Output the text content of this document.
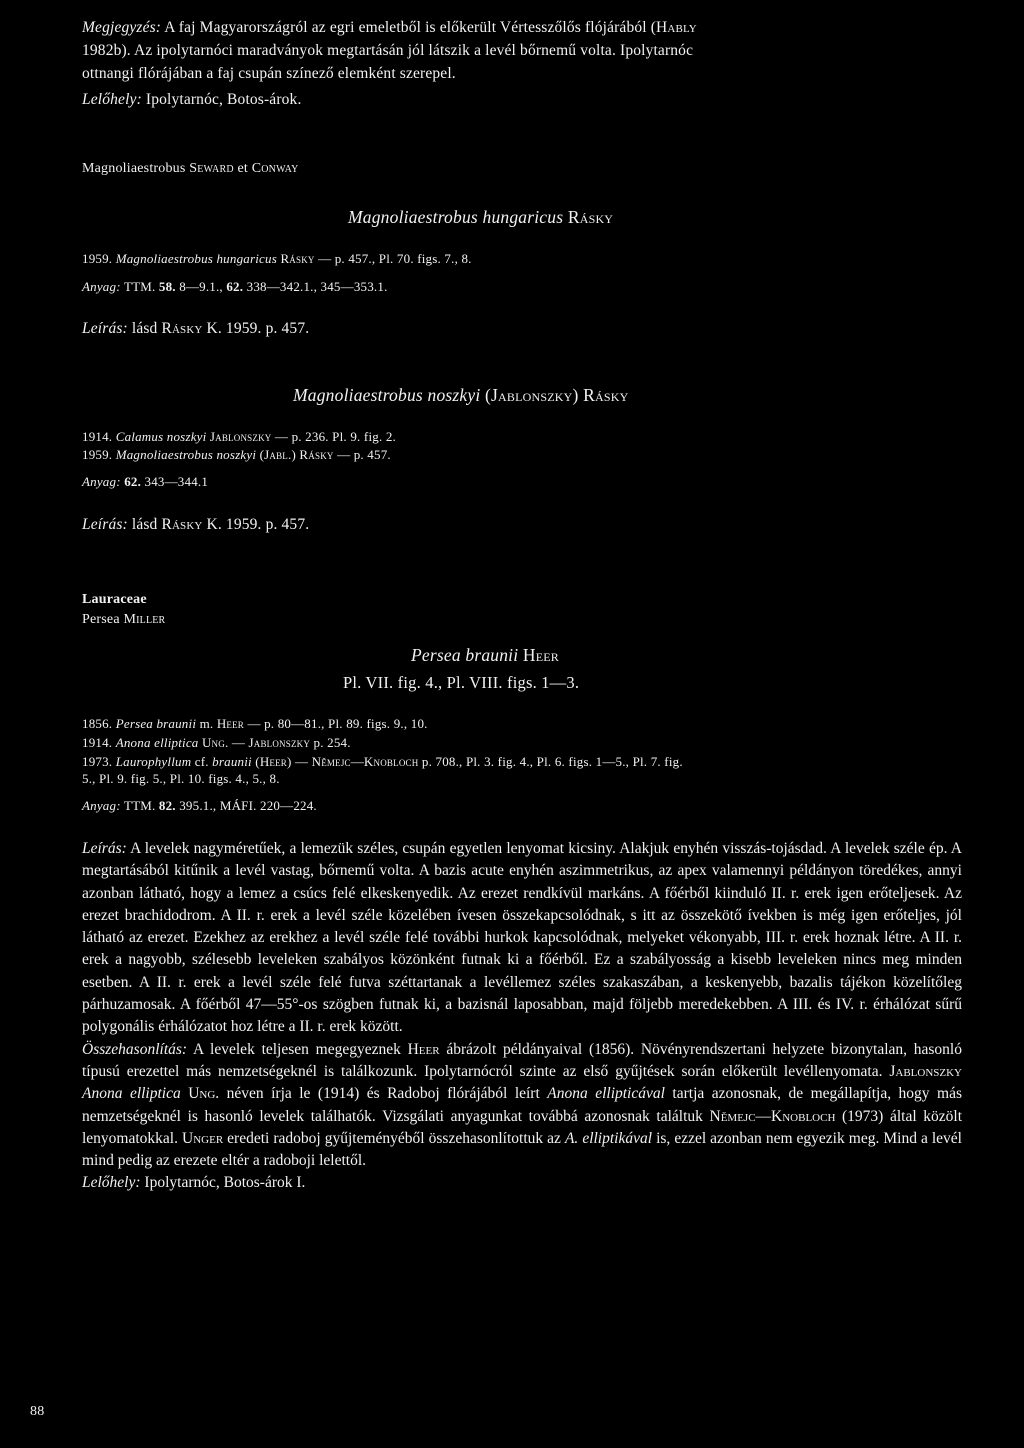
Megjegyzés: A faj Magyarországról az egri emeletből is előkerült Vértesszőlős flójárából (Hably
1982b). Az ipolytarnóci maradványok megtartásán jól látszik a levél bőrnemű volta. Ipolytarnóc
ottnangi flórájában a faj csupán színező elemként szerepel.
Lelőhely: Ipolytarnóc, Botos-árok.
Magnoliaestrobus Seward et Conway
Magnoliaestrobus hungaricus Rásky
1959. Magnoliaestrobus hungaricus Rásky — p. 457., Pl. 70. figs. 7., 8.
Anyag: TTM. 58. 8—9.1., 62. 338—342.1., 345—353.1.
Leírás: lásd Rásky K. 1959. p. 457.
Magnoliaestrobus noszkyi (Jablonszky) Rásky
1914. Calamus noszkyi Jablonszky — p. 236. Pl. 9. fig. 2.
1959. Magnoliaestrobus noszkyi (Jabl.) Rásky — p. 457.
Anyag: 62. 343—344.1
Leírás: lásd Rásky K. 1959. p. 457.
Lauraceae
Persea Miller
Persea braunii Heer
Pl. VII. fig. 4., Pl. VIII. figs. 1—3.
1856. Persea braunii m. Heer — p. 80—81., Pl. 89. figs. 9., 10.
1914. Anona elliptica Ung. — Jablonszky p. 254.
1973. Laurophyllum cf. braunii (Heer) — Němejc—Knobloch p. 708., Pl. 3. fig. 4., Pl. 6. figs. 1—5., Pl. 7. fig.
5., Pl. 9. fig. 5., Pl. 10. figs. 4., 5., 8.
Anyag: TTM. 82. 395.1., MÁFI. 220—224.

Leírás: A levelek nagyméretűek, a lemezük széles, csupán egyetlen lenyomat kicsiny. Alakjuk enyhén visszás-tojásdad. A levelek széle ép. A megtartásából kitűnik a levél vastag, bőrnemű volta. A bazis acute enyhén aszimmetrikus, az apex valamennyi példányon töredékes, annyi azonban látható, hogy a lemez a csúcs felé elkeskenyedik. Az erezet rendkívül markáns. A főérből kiinduló II. r. erek igen erőteljesek. Az erezet brachidodrom. A II. r. erek a levél széle közelében ívesen összekapcsolódnak, s itt az összekötő ívekben is még igen erőteljes, jól látható az erezet. Ezekhez az erekhez a levél széle felé további hurkok kapcsolódnak, melyeket vékonyabb, III. r. erek hoznak létre. A II. r. erek a nagyobb, szélesebb leveleken szabályos közönként futnak ki a főérből. Ez a szabályosság a kisebb leveleken nincs meg minden esetben. A II. r. erek a levél széle felé futva széttartanak a levéllemez széles szakaszában, a keskenyebb, bazalis tájékon közelítőleg párhuzamosak. A főérből 47—55°-os szögben futnak ki, a bazisnál laposabban, majd följebb meredekebben. A III. és IV. r. érhálózat sűrű polygonális érhálózatot hoz létre a II. r. erek között.

Összehasonlítás: A levelek teljesen megegyeznek Heer ábrázolt példányaival (1856). Növényrendszertani helyzete bizonytalan, hasonló típusú erezettel más nemzetségeknél is találkozunk. Ipolytarnócról szinte az első gyűjtések során előkerült levéllenyomata. Jablonszky Anona elliptica Ung. néven írja le (1914) és Radoboj flórájából leírt Anona ellipticával tartja azonosnak, de megállapítja, hogy más nemzetségeknél is hasonló levelek találhatók. Vizsgálati anyagunkat továbbá azonosnak találtuk Němejc—Knobloch (1973) által közölt lenyomatokkal. Unger eredeti radoboj gyűjteményéből összehasonlítottuk az A. elliptikával is, ezzel azonban nem egyezik meg. Mind a levél mind pedig az erezete eltér a radoboji lelettől.

Lelőhely: Ipolytarnóc, Botos-árok I.

88
